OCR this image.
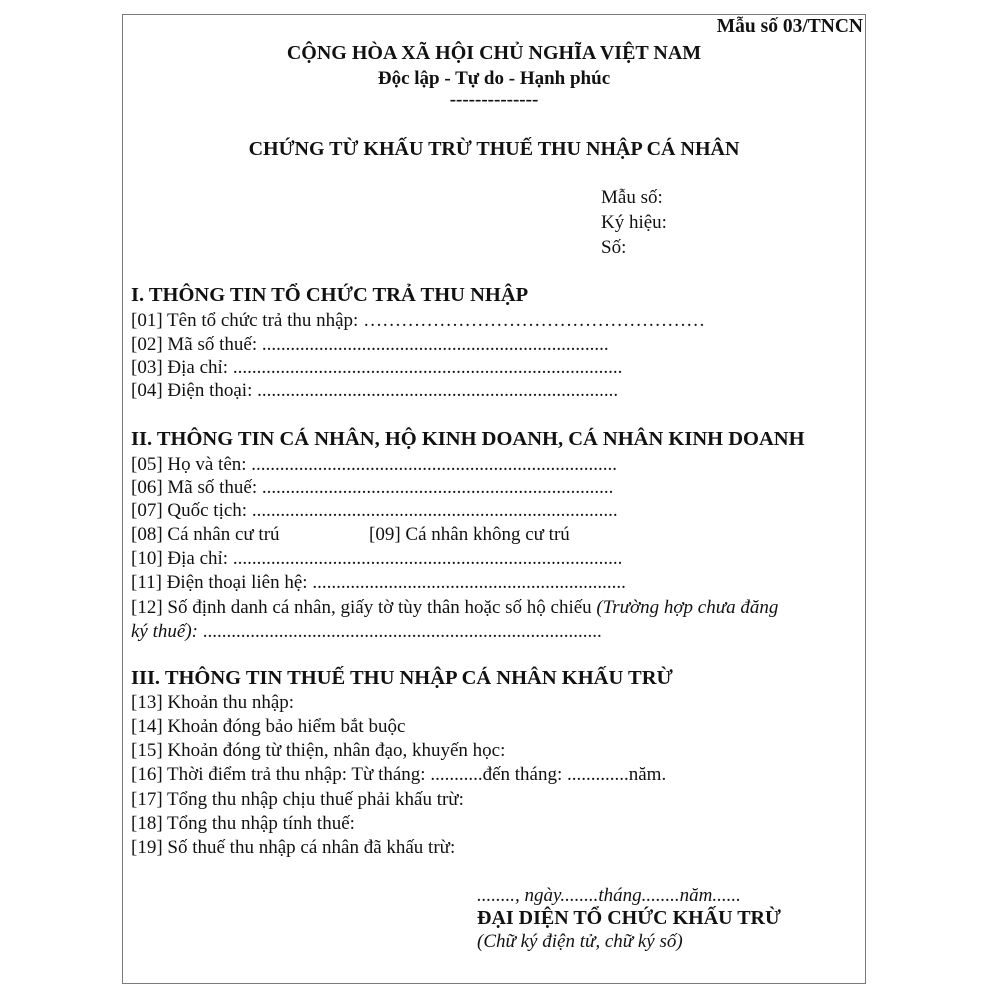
Mẫu số 03/TNCN
CỘNG HÒA XÃ HỘI CHỦ NGHĨA VIỆT NAM
Độc lập - Tự do - Hạnh phúc
--------------
CHỨNG TỪ KHẤU TRỪ THUẾ THU NHẬP CÁ NHÂN
Mẫu số:
Ký hiệu:
Số:
I. THÔNG TIN TỔ CHỨC TRẢ THU NHẬP
[01] Tên tổ chức trả thu nhập: ………………………………………………
[02] Mã số thuế: .........................................................................
[03] Địa chỉ: ..................................................................................
[04] Điện thoại: ............................................................................
II. THÔNG TIN CÁ NHÂN, HỘ KINH DOANH, CÁ NHÂN KINH DOANH
[05] Họ và tên: .............................................................................
[06] Mã số thuế: ..........................................................................
[07] Quốc tịch: .............................................................................
[08] Cá nhân cư trú	[09] Cá nhân không cư trú
[10] Địa chỉ: ..................................................................................
[11] Điện thoại liên hệ: ..................................................................
[12] Số định danh cá nhân, giấy tờ tùy thân hoặc số hộ chiếu (Trường hợp chưa đăng
ký thuế): ....................................................................................
III. THÔNG TIN THUẾ THU NHẬP CÁ NHÂN KHẤU TRỪ
[13] Khoản thu nhập:
[14] Khoản đóng bảo hiểm bắt buộc
[15] Khoản đóng từ thiện, nhân đạo, khuyến học:
[16] Thời điểm trả thu nhập: Từ tháng: ...........đến tháng: .............năm.
[17] Tổng thu nhập chịu thuế phải khấu trừ:
[18] Tổng thu nhập tính thuế:
[19] Số thuế thu nhập cá nhân đã khấu trừ:
........, ngày........tháng........năm......
ĐẠI DIỆN TỔ CHỨC KHẤU TRỪ
(Chữ ký điện tử, chữ ký số)
